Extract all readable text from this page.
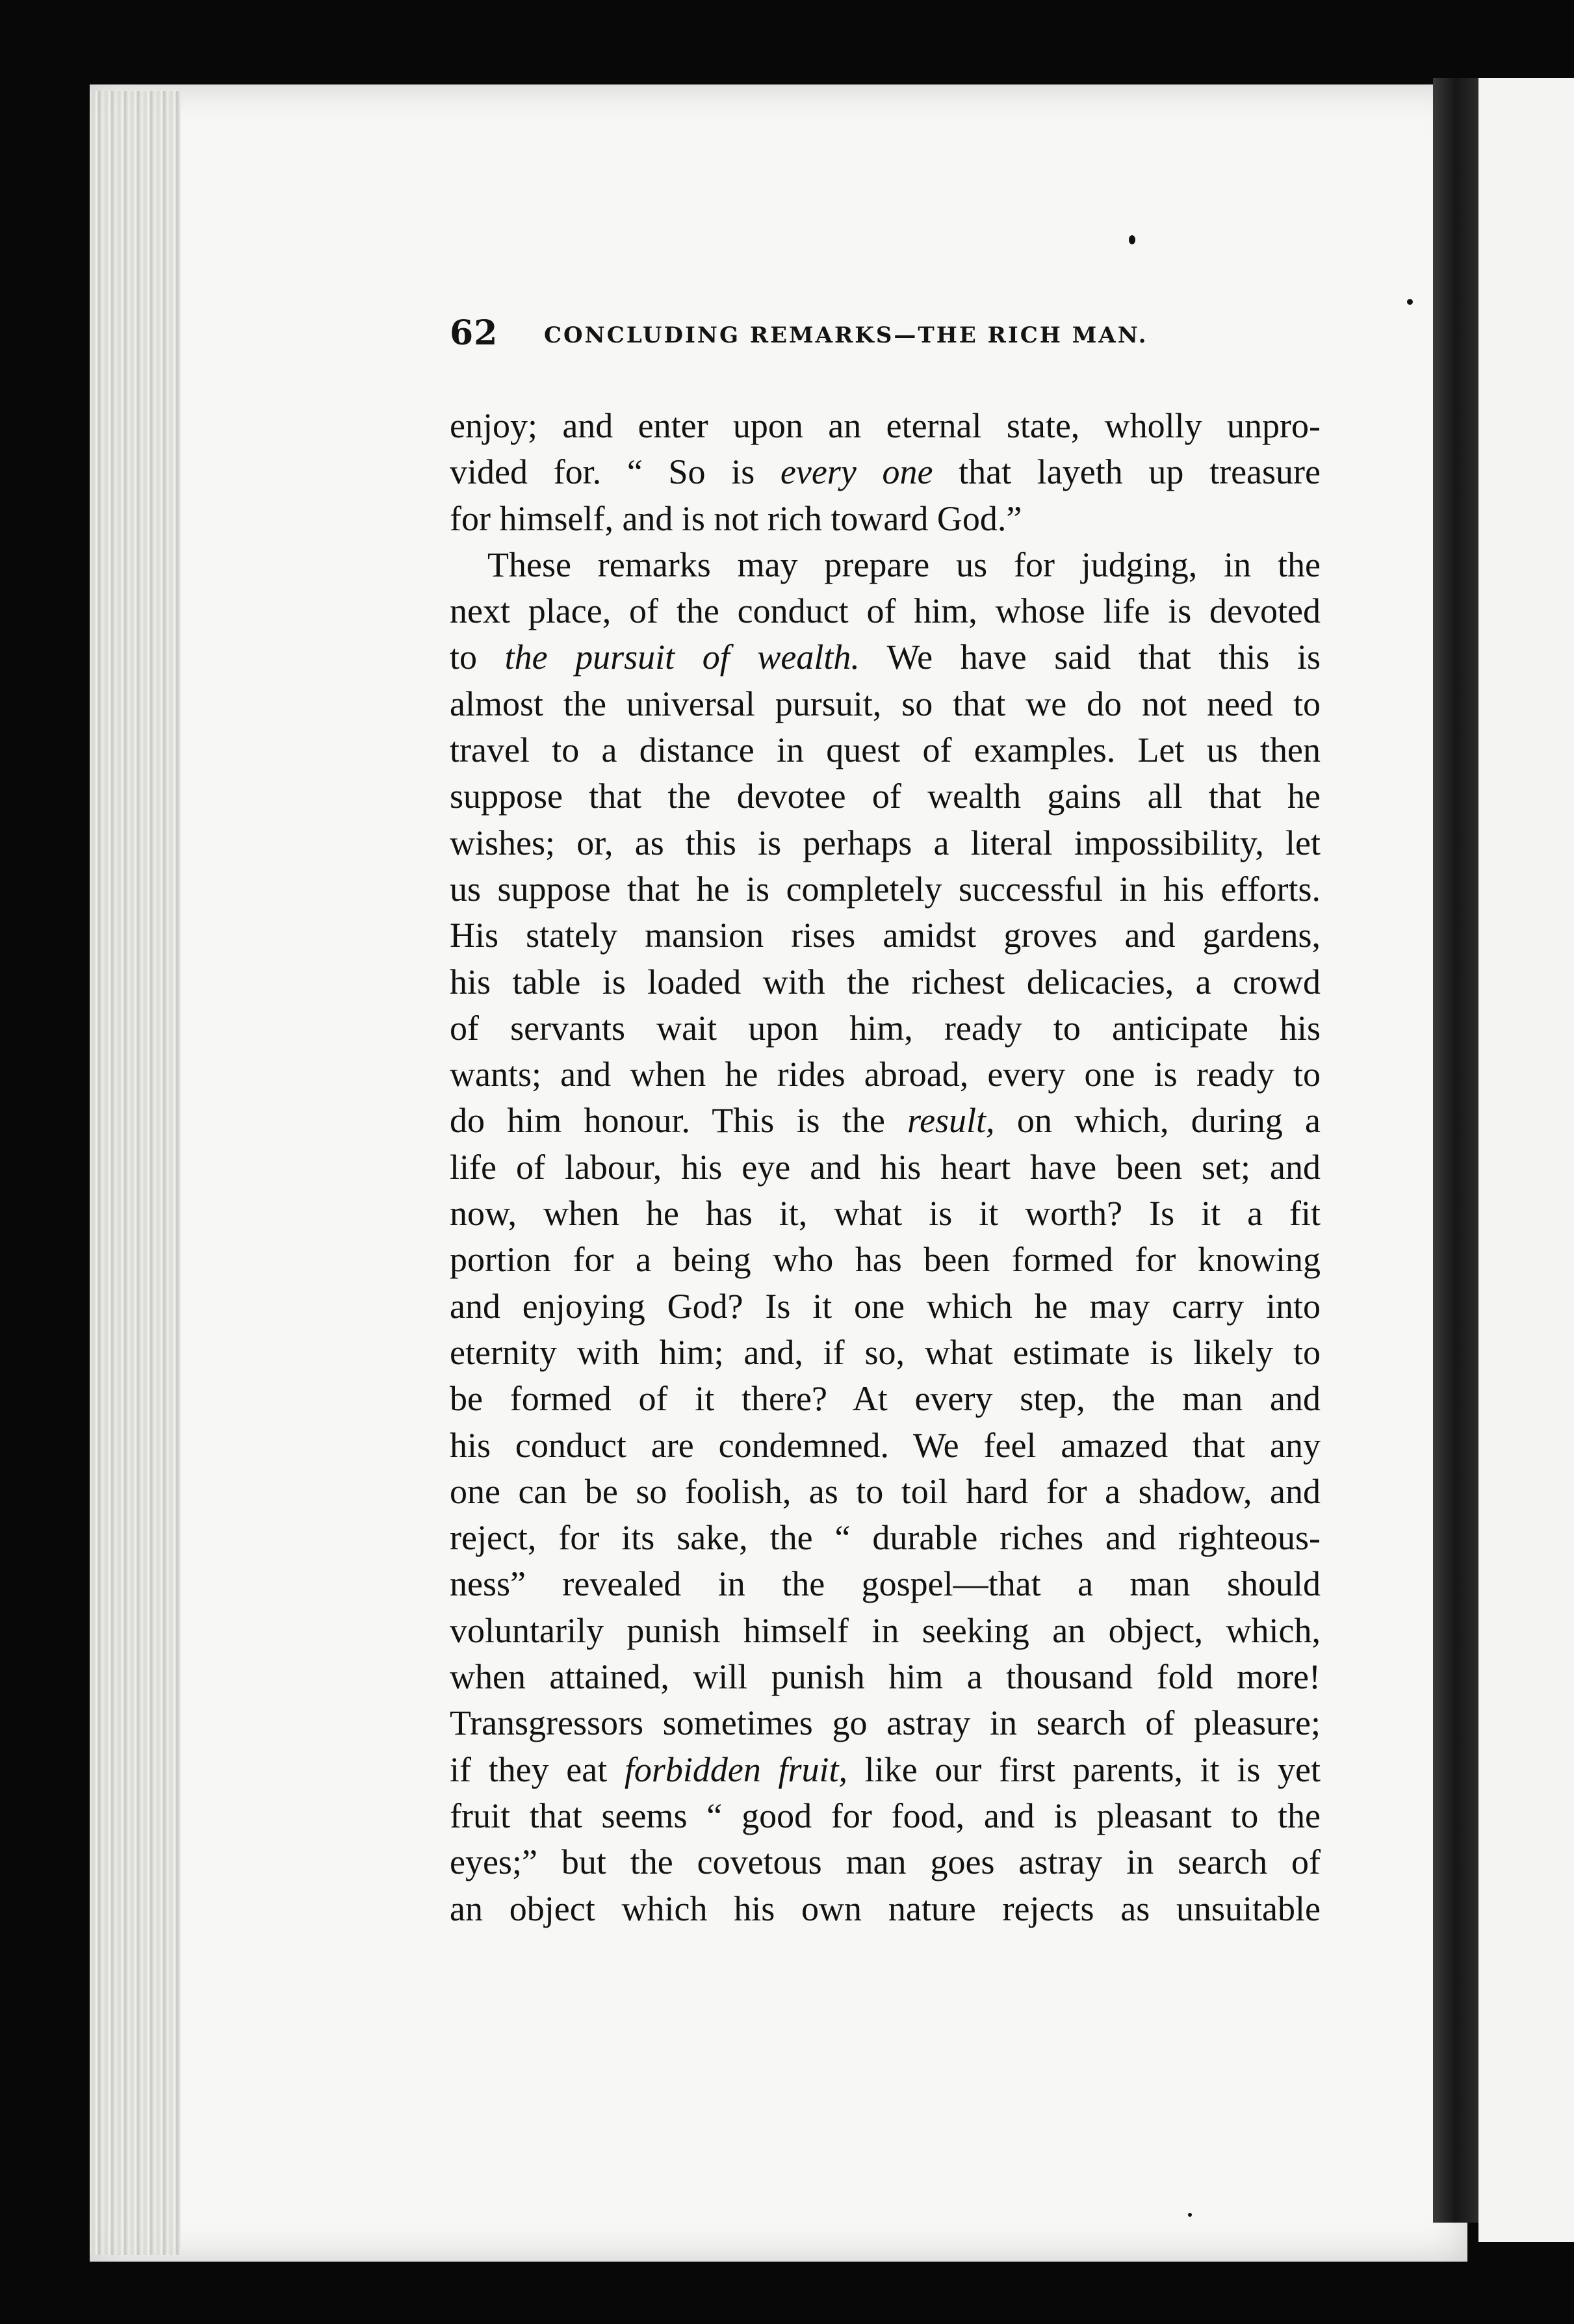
62 CONCLUDING REMARKS—THE RICH MAN.
enjoy; and enter upon an eternal state, wholly unpro-
vided for. “ So is every one that layeth up treasure
for himself, and is not rich toward God.”
These remarks may prepare us for judging, in the
next place, of the conduct of him, whose life is devoted
to the pursuit of wealth. We have said that this is
almost the universal pursuit, so that we do not need to
travel to a distance in quest of examples. Let us then
suppose that the devotee of wealth gains all that he
wishes; or, as this is perhaps a literal impossibility, let
us suppose that he is completely successful in his efforts.
His stately mansion rises amidst groves and gardens,
his table is loaded with the richest delicacies, a crowd
of servants wait upon him, ready to anticipate his
wants; and when he rides abroad, every one is ready to
do him honour. This is the result, on which, during a
life of labour, his eye and his heart have been set; and
now, when he has it, what is it worth? Is it a fit
portion for a being who has been formed for knowing
and enjoying God? Is it one which he may carry into
eternity with him; and, if so, what estimate is likely to
be formed of it there? At every step, the man and
his conduct are condemned. We feel amazed that any
one can be so foolish, as to toil hard for a shadow, and
reject, for its sake, the “ durable riches and righteous-
ness” revealed in the gospel—that a man should
voluntarily punish himself in seeking an object, which,
when attained, will punish him a thousand fold more!
Transgressors sometimes go astray in search of pleasure;
if they eat forbidden fruit, like our first parents, it is yet
fruit that seems “ good for food, and is pleasant to the
eyes;” but the covetous man goes astray in search of
an object which his own nature rejects as unsuitable
